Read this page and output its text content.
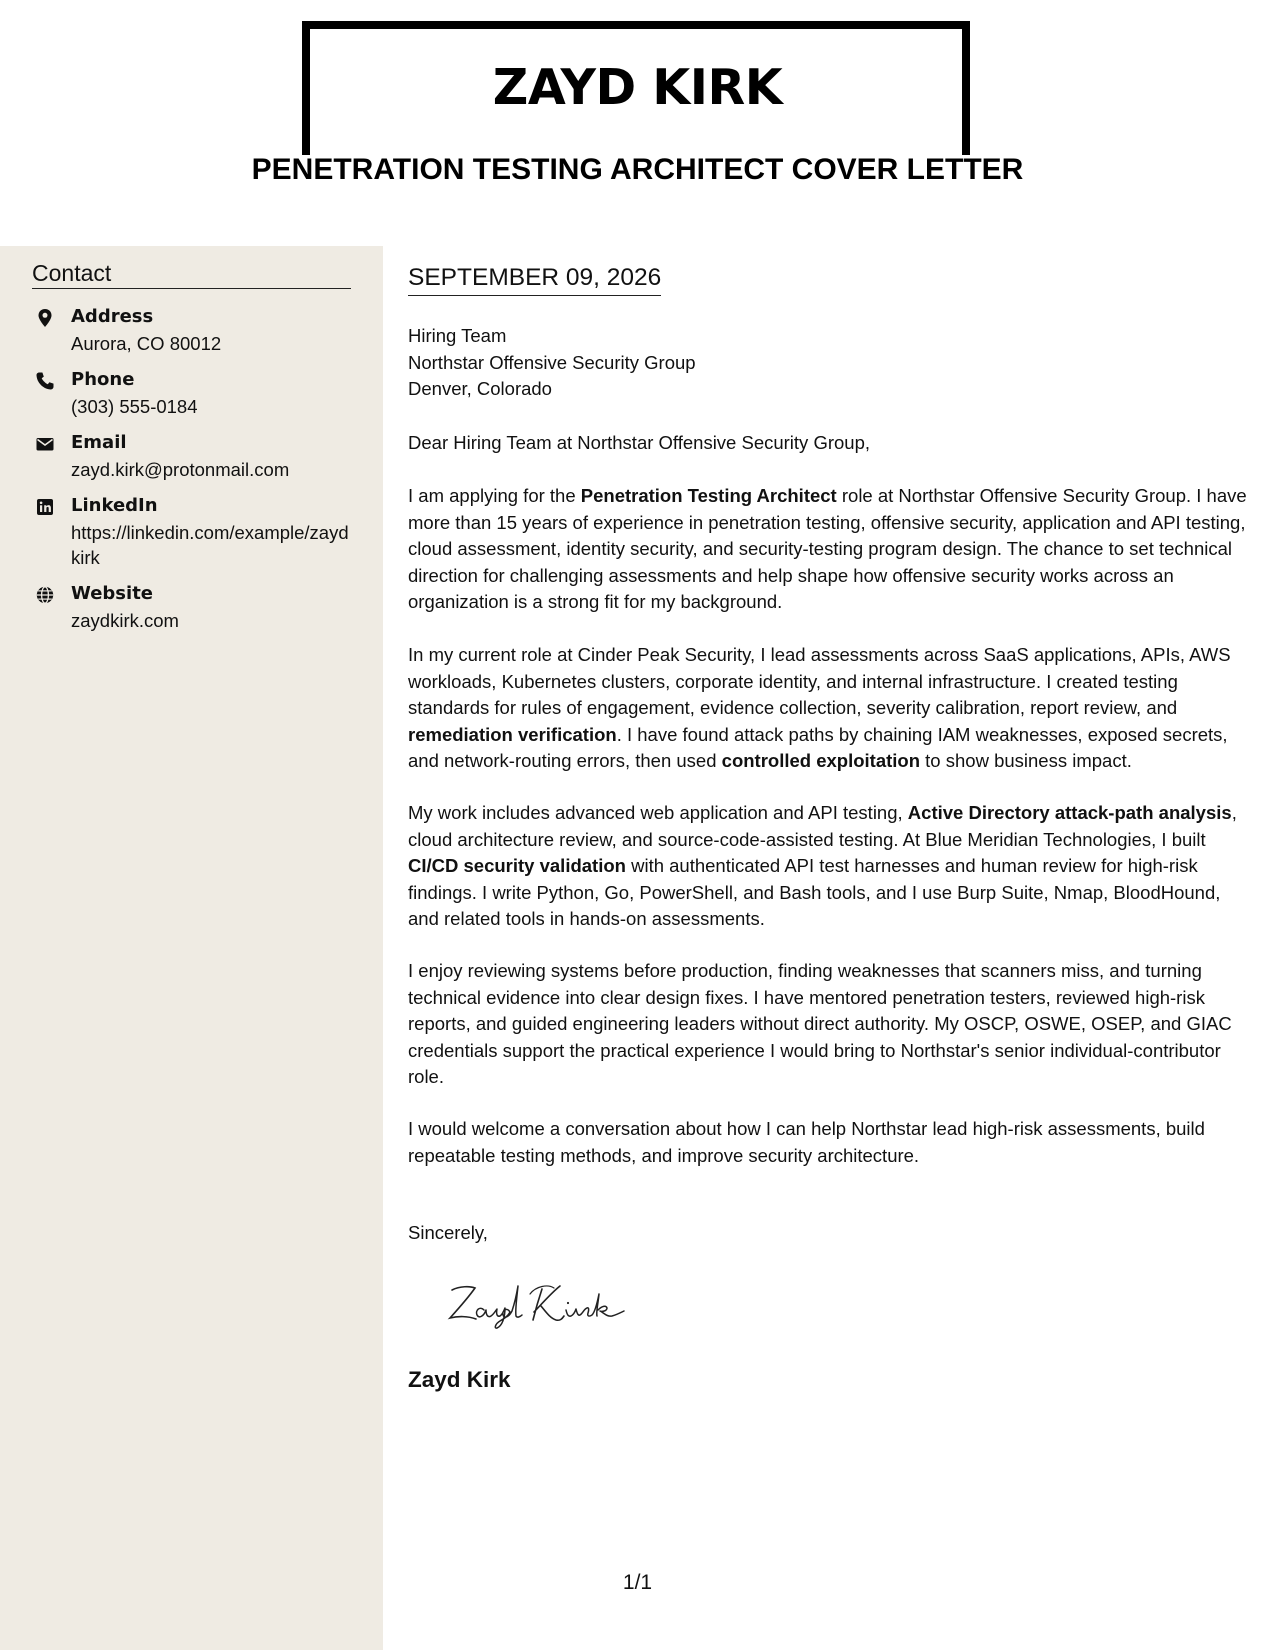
ZAYD KIRK
PENETRATION TESTING ARCHITECT COVER LETTER
Contact
Address
Aurora, CO 80012
Phone
(303) 555-0184
Email
zayd.kirk@protonmail.com
LinkedIn
https://linkedin.com/example/zaydkirk
Website
zaydkirk.com
SEPTEMBER 09, 2026
Hiring Team
Northstar Offensive Security Group
Denver, Colorado
Dear Hiring Team at Northstar Offensive Security Group,

I am applying for the Penetration Testing Architect role at Northstar Offensive Security Group. I have more than 15 years of experience in penetration testing, offensive security, application and API testing, cloud assessment, identity security, and security-testing program design. The chance to set technical direction for challenging assessments and help shape how offensive security works across an organization is a strong fit for my background.

In my current role at Cinder Peak Security, I lead assessments across SaaS applications, APIs, AWS workloads, Kubernetes clusters, corporate identity, and internal infrastructure. I created testing standards for rules of engagement, evidence collection, severity calibration, report review, and remediation verification. I have found attack paths by chaining IAM weaknesses, exposed secrets, and network-routing errors, then used controlled exploitation to show business impact.

My work includes advanced web application and API testing, Active Directory attack-path analysis, cloud architecture review, and source-code-assisted testing. At Blue Meridian Technologies, I built CI/CD security validation with authenticated API test harnesses and human review for high-risk findings. I write Python, Go, PowerShell, and Bash tools, and I use Burp Suite, Nmap, BloodHound, and related tools in hands-on assessments.

I enjoy reviewing systems before production, finding weaknesses that scanners miss, and turning technical evidence into clear design fixes. I have mentored penetration testers, reviewed high-risk reports, and guided engineering leaders without direct authority. My OSCP, OSWE, OSEP, and GIAC credentials support the practical experience I would bring to Northstar's senior individual-contributor role.

I would welcome a conversation about how I can help Northstar lead high-risk assessments, build repeatable testing methods, and improve security architecture.

Sincerely,
Zayd Kirk
1/1
